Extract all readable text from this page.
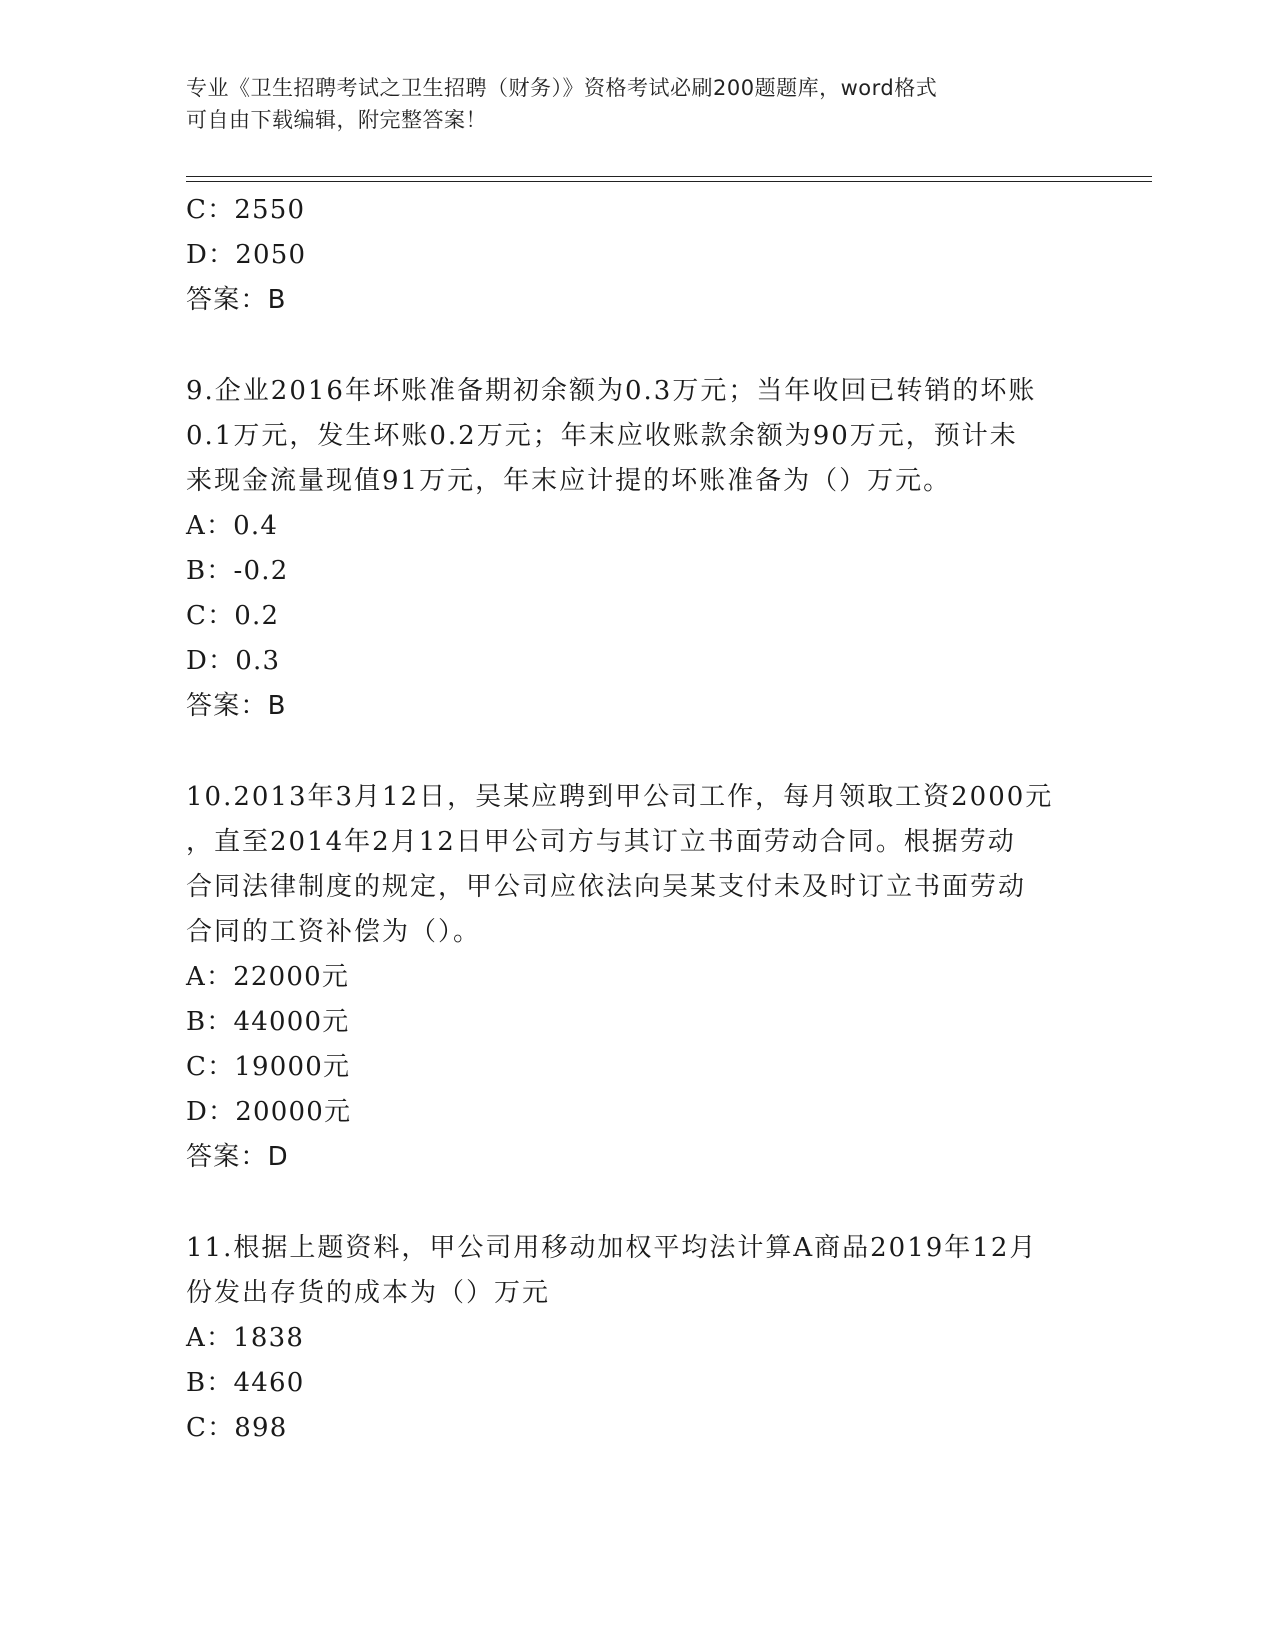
专业《卫生招聘考试之卫生招聘（财务）》资格考试必刷200题题库，word格式
可自由下载编辑，附完整答案！
C：2550
D：2050
答案：B
9.企业2016年坏账准备期初余额为0.3万元；当年收回已转销的坏账
0.1万元，发生坏账0.2万元；年末应收账款余额为90万元，预计未
来现金流量现值91万元，年末应计提的坏账准备为（）万元。
A：0.4
B：-0.2
C：0.2
D：0.3
答案：B
10.2013年3月12日，吴某应聘到甲公司工作，每月领取工资2000元
，直至2014年2月12日甲公司方与其订立书面劳动合同。根据劳动
合同法律制度的规定，甲公司应依法向吴某支付未及时订立书面劳动
合同的工资补偿为（）。
A：22000元
B：44000元
C：19000元
D：20000元
答案：D
11.根据上题资料，甲公司用移动加权平均法计算A商品2019年12月
份发出存货的成本为（）万元
A：1838
B：4460
C：898
